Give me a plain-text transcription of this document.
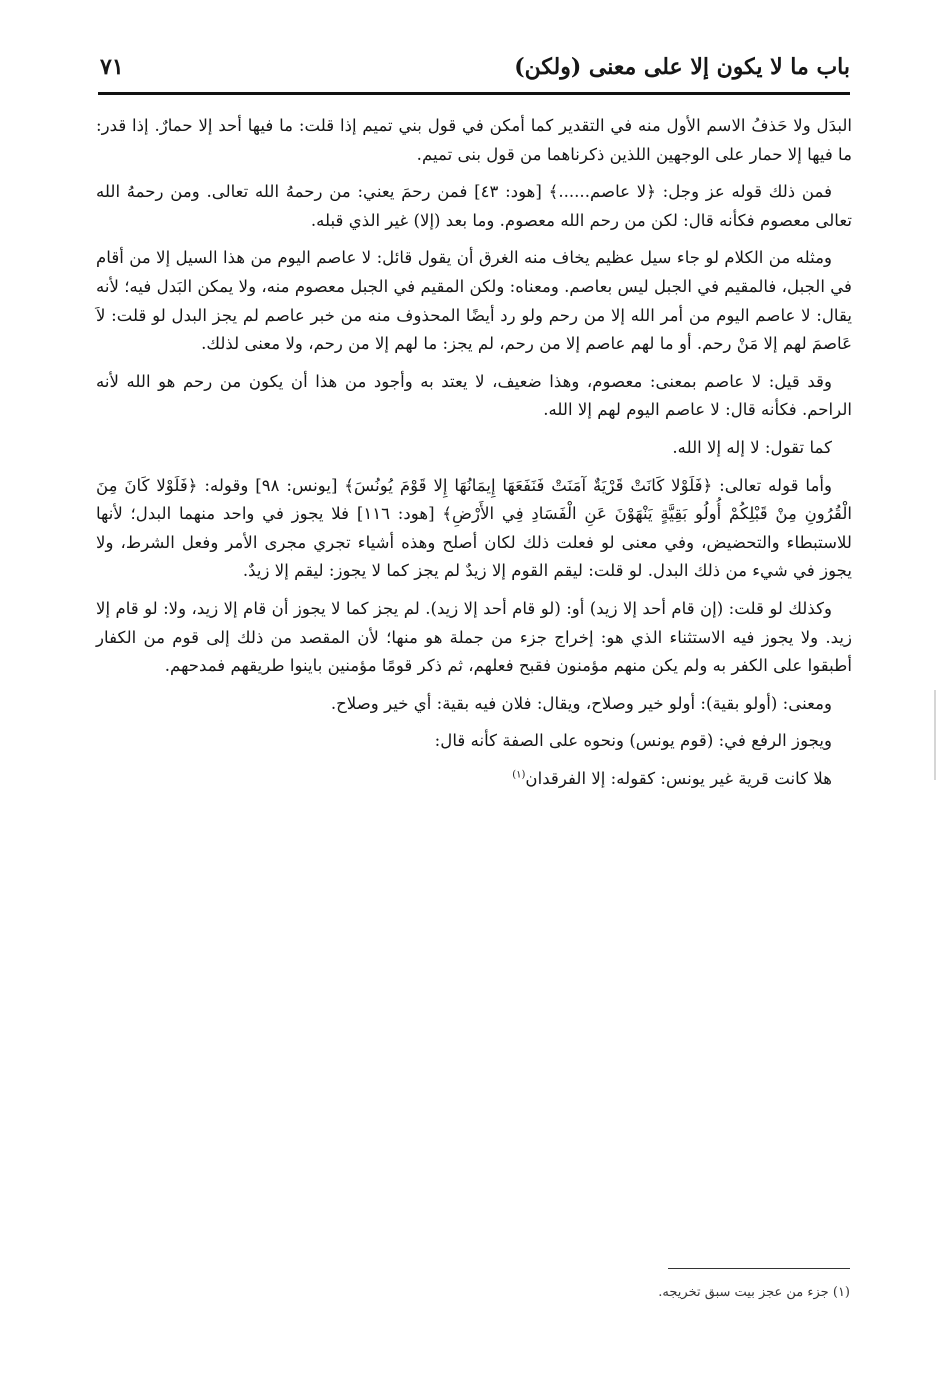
باب ما لا يكون إلا على معنى (ولكن)
٧١

البدَل ولا حَذفُ الاسم الأول منه في التقدير كما أمكن في قول بني تميم إذا قلت: ما فيها أحد إلا حمارٌ. إذا قدر: ما فيها إلا حمار على الوجهين اللذين ذكرناهما من قول بنى تميم.

فمن ذلك قوله عز وجل: ﴿لا عاصم......﴾ [هود: ٤٣] فمن رحمَ يعني: من رحمهُ الله تعالى. ومن رحمهُ الله تعالى معصوم فكأنه قال: لكن من رحم الله معصوم. وما بعد (إلا) غير الذي قبله.

ومثله من الكلام لو جاء سيل عظيم يخاف منه الغرق أن يقول قائل: لا عاصم اليوم من هذا السيل إلا من أقام في الجبل، فالمقيم في الجبل ليس بعاصم. ومعناه: ولكن المقيم في الجبل معصوم منه، ولا يمكن البَدل فيه؛ لأنه يقال: لا عاصم اليوم من أمر الله إلا من رحم ولو رد أيضًا المحذوف منه من خبر عاصم لم يجز البدل لو قلت: لاَ عَاصمَ لهم إلا مَنْ رحم. أو ما لهم عاصم إلا من رحم، لم يجز: ما لهم إلا من رحم، ولا معنى لذلك.

وقد قيل: لا عاصم بمعنى: معصوم، وهذا ضعيف، لا يعتد به وأجود من هذا أن يكون من رحم هو الله لأنه الراحم. فكأنه قال: لا عاصم اليوم لهم إلا الله.

كما تقول: لا إله إلا الله.

وأما قوله تعالى: ﴿فَلَوْلا كَانَتْ قَرْيَةٌ آمَنَتْ فَنَفَعَهَا إِيمَانُهَا إِلا قَوْمَ يُونُسَ﴾ [يونس: ٩٨] وقوله: ﴿فَلَوْلا كَانَ مِنَ الْقُرُونِ مِنْ قَبْلِكُمْ أُولُو بَقِيَّةٍ يَنْهَوْنَ عَنِ الْفَسَادِ فِي الأَرْضِ﴾ [هود: ١١٦] فلا يجوز في واحد منهما البدل؛ لأنها للاستبطاء والتحضيض، وفي معنى لو فعلت ذلك لكان أصلح وهذه أشياء تجري مجرى الأمر وفعل الشرط، ولا يجوز في شيء من ذلك البدل. لو قلت: ليقم القوم إلا زيدٌ لم يجز كما لا يجوز: ليقم إلا زيدٌ.

وكذلك لو قلت: (إن قام أحد إلا زيد) أو: (لو قام أحد إلا زيد). لم يجز كما لا يجوز أن قام إلا زيد، ولا: لو قام إلا زيد. ولا يجوز فيه الاستثناء الذي هو: إخراج جزء من جملة هو منها؛ لأن المقصد من ذلك إلى قوم من الكفار أطبقوا على الكفر به ولم يكن منهم مؤمنون فقبح فعلهم، ثم ذكر قومًا مؤمنين باينوا طريقهم فمدحهم.

ومعنى: (أولو بقية): أولو خير وصلاح، ويقال: فلان فيه بقية: أي خير وصلاح.

ويجوز الرفع في: (قوم يونس) ونحوه على الصفة كأنه قال:

هلا كانت قرية غير يونس: كقوله: إلا الفرقدان$^{(١)}$

(١) جزء من عجز بيت سبق تخريجه.
